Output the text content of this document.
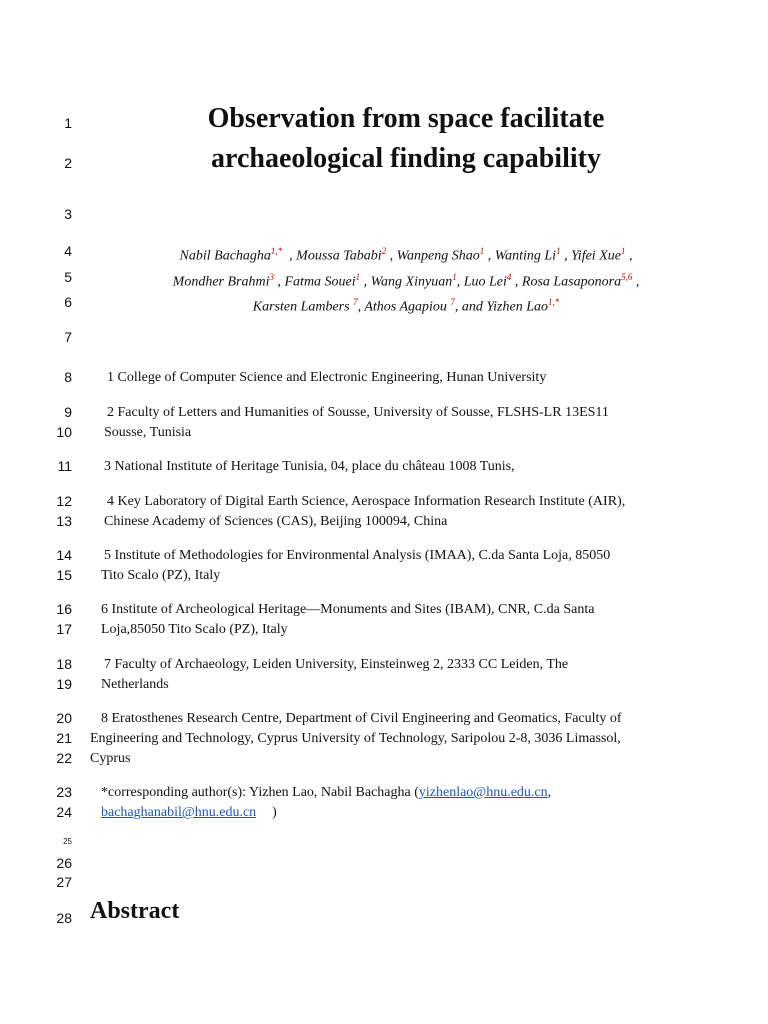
1
2
3
4
5
6
7
8
9
10
11
12
13
14
15
16
17
18
19
20
21
22
23
24
25
26
27
28
Observation from space facilitate
archaeological finding capability
Nabil Bachagha$^{1,*}$  , Moussa Tababi$^2$ , Wanpeng Shao$^1$ , Wanting Li$^1$ , Yifei Xue$^1$ ,
Mondher Brahmi$^3$ , Fatma Souei$^1$ , Wang Xinyuan$^1$, Luo Lei$^4$ , Rosa Lasaponora$^{5,6}$ ,
Karsten Lambers $^7$, Athos Agapiou $^7$, and Yizhen Lao$^{1,*}$
1 College of Computer Science and Electronic Engineering, Hunan University
2 Faculty of Letters and Humanities of Sousse, University of Sousse, FLSHS-LR 13ES11
Sousse, Tunisia
3 National Institute of Heritage Tunisia, 04, place du château 1008 Tunis,
4 Key Laboratory of Digital Earth Science, Aerospace Information Research Institute (AIR),
Chinese Academy of Sciences (CAS), Beijing 100094, China
5 Institute of Methodologies for Environmental Analysis (IMAA), C.da Santa Loja, 85050
Tito Scalo (PZ), Italy
6 Institute of Archeological Heritage—Monuments and Sites (IBAM), CNR, C.da Santa
Loja,85050 Tito Scalo (PZ), Italy
7 Faculty of Archaeology, Leiden University, Einsteinweg 2, 2333 CC Leiden, The
Netherlands
8 Eratosthenes Research Centre, Department of Civil Engineering and Geomatics, Faculty of
Engineering and Technology, Cyprus University of Technology, Saripolou 2-8, 3036 Limassol,
Cyprus
*corresponding author(s): Yizhen Lao, Nabil Bachagha (yizhenlao@hnu.edu.cn,
bachaghanabil@hnu.edu.cn )
Abstract
